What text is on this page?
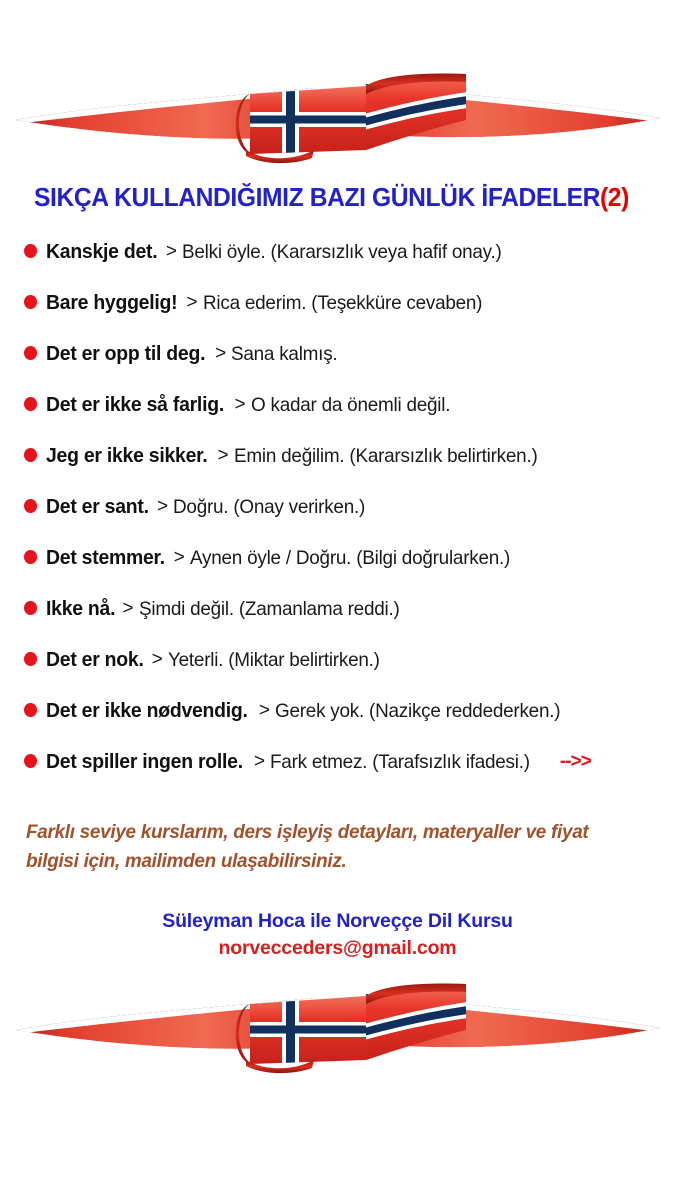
SIKÇA KULLANDIĞIMIZ BAZI GÜNLÜK İFADELER(2)
Kanskje det. > Belki öyle. (Kararsızlık veya hafif onay.)
Bare hyggelig! > Rica ederim. (Teşekküre cevaben)
Det er opp til deg. > Sana kalmış.
Det er ikke så farlig. > O kadar da önemli değil.
Jeg er ikke sikker. > Emin değilim. (Kararsızlık belirtirken.)
Det er sant. > Doğru. (Onay verirken.)
Det stemmer. > Aynen öyle / Doğru. (Bilgi doğrularken.)
Ikke nå. > Şimdi değil. (Zamanlama reddi.)
Det er nok. > Yeterli. (Miktar belirtirken.)
Det er ikke nødvendig. > Gerek yok. (Nazikçe reddederken.)
Det spiller ingen rolle. > Fark etmez. (Tarafsızlık ifadesi.) -->>
Farklı seviye kurslarım, ders işleyiş detayları, materyaller ve fiyat bilgisi için, mailimden ulaşabilirsiniz.
Süleyman Hoca ile Norveççe Dil Kursu
norvecceders@gmail.com
